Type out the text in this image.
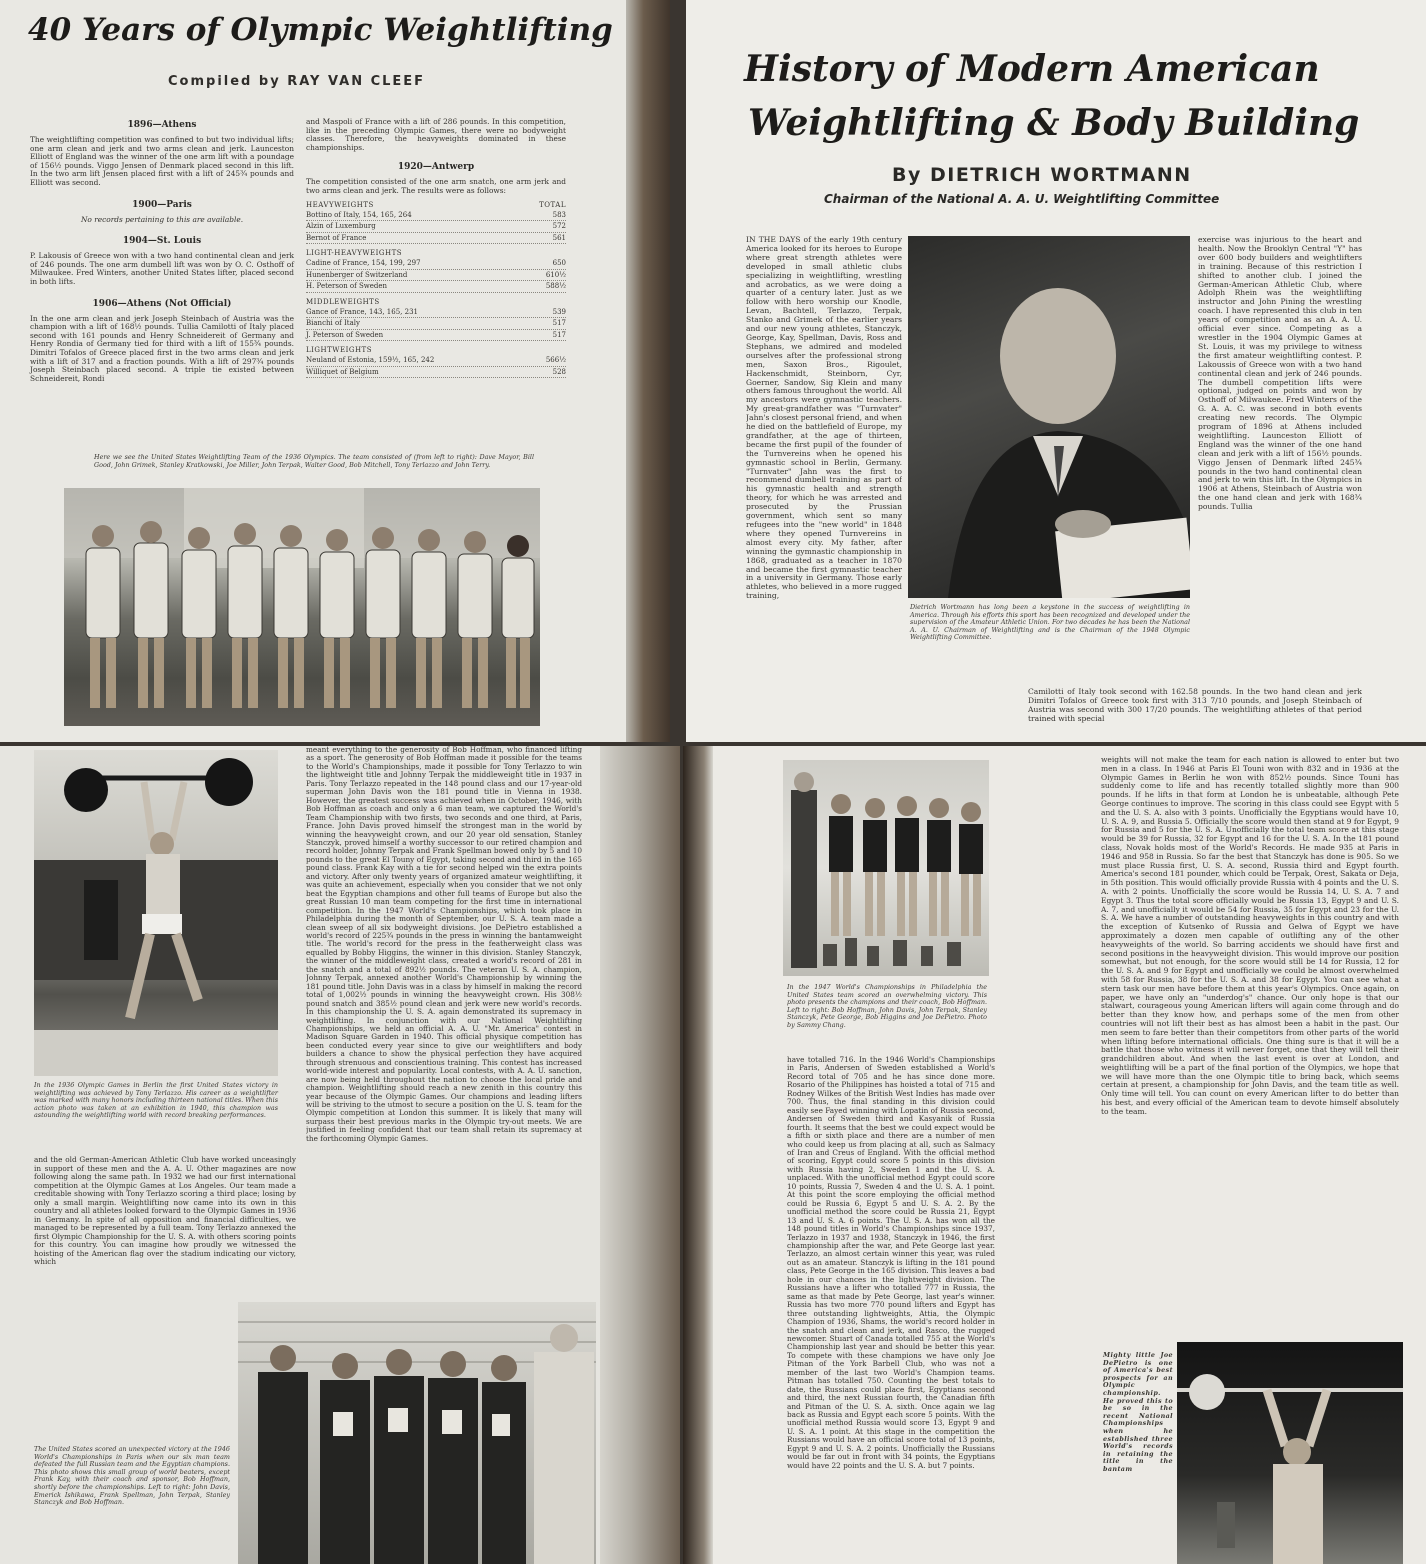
40 Years of Olympic Weightlifting
Compiled by RAY VAN CLEEF

1896—Athens

The weightlifting competition was confined to but two individual lifts; one arm clean and jerk and two arms clean and jerk. Launceston Elliott of England was the winner of the one arm lift with a poundage of 156½ pounds. Viggo Jensen of Denmark placed second in this lift. In the two arm lift Jensen placed first with a lift of 245¾ pounds and Elliott was second.

1900—Paris

No records pertaining to this are available.

1904—St. Louis

P. Lakousis of Greece won with a two hand continental clean and jerk of 246 pounds. The one arm dumbell lift was won by O. C. Osthoff of Milwaukee. Fred Winters, another United States lifter, placed second in both lifts.

1906—Athens (Not Official)

In the one arm clean and jerk Joseph Steinbach of Austria was the champion with a lift of 168½ pounds. Tullia Camilotti of Italy placed second with 161 pounds and Henry Schneidereit of Germany and Henry Rondia of Germany tied for third with a lift of 155¾ pounds. Dimitri Tofalos of Greece placed first in the two arms clean and jerk with a lift of 317 and a fraction pounds. With a lift of 297¾ pounds Joseph Steinbach placed second. A triple tie existed between Schneidereit, Rondi

and Maspoli of France with a lift of 286 pounds. In this competition, like in the preceding Olympic Games, there were no bodyweight classes. Therefore, the heavyweights dominated in these championships.

1920—Antwerp

The competition consisted of the one arm snatch, one arm jerk and two arms clean and jerk. The results were as follows:

HEAVYWEIGHTS	TOTAL
Bottino of Italy, 154, 165, 264	583
Alzin of Luxemburg	572
Bernot of France	561
LIGHT-HEAVYWEIGHTS
Cadine of France, 154, 199, 297	650
Hunenberger of Switzerland	610½
H. Peterson of Sweden	588½
MIDDLEWEIGHTS
Gance of France, 143, 165, 231	539
Bianchi of Italy	517
J. Peterson of Sweden	517
LIGHTWEIGHTS
Neuland of Estonia, 159½, 165, 242	566½
Williquet of Belgium	528

Here we see the United States Weightlifting Team of the 1936 Olympics. The team consisted of (from left to right): Dave Mayor, Bill Good, John Grimek, Stanley Kratkowski, Joe Miller, John Terpak, Walter Good, Bob Mitchell, Tony Terlazzo and John Terry.

History of Modern American
Weightlifting & Body Building
By DIETRICH WORTMANN
Chairman of the National A. A. U. Weightlifting Committee

IN THE DAYS of the early 19th century America looked for its heroes to Europe where great strength athletes were developed in small athletic clubs specializing in weightlifting, wrestling and acrobatics, as we were doing a quarter of a century later. Just as we follow with hero worship our Knodle, Levan, Bachtell, Terlazzo, Terpak, Stanko and Grimek of the earlier years and our new young athletes, Stanczyk, George, Kay, Spellman, Davis, Ross and Stephans, we admired and modeled ourselves after the professional strong men, Saxon Bros., Rigoulet, Hackenschmidt, Steinborn, Cyr, Goerner, Sandow, Sig Klein and many others famous throughout the world. All my ancestors were gymnastic teachers. My great-grandfather was "Turnvater" Jahn's closest personal friend, and when he died on the battlefield of Europe, my grandfather, at the age of thirteen, became the first pupil of the founder of the Turnvereins when he opened his gymnastic school in Berlin, Germany. "Turnvater" Jahn was the first to recommend dumbell training as part of his gymnastic health and strength theory, for which he was arrested and prosecuted by the Prussian government, which sent so many refugees into the "new world" in 1848 where they opened Turnvereins in almost every city. My father, after winning the gymnastic championship in 1868, graduated as a teacher in 1870 and became the first gymnastic teacher in a university in Germany. Those early athletes, who believed in a more rugged training,

Dietrich Wortmann has long been a keystone in the success of weightlifting in America. Through his efforts this sport has been recognized and developed under the supervision of the Amateur Athletic Union. For two decades he has been the National A. A. U. Chairman of Weightlifting and is the Chairman of the 1948 Olympic Weightlifting Committee.

exercise was injurious to the heart and health. Now the Brooklyn Central "Y" has over 600 body builders and weightlifters in training. Because of this restriction I shifted to another club. I joined the German-American Athletic Club, where Adolph Rhein was the weightlifting instructor and John Pining the wrestling coach. I have represented this club in ten years of competition and as an A. A. U. official ever since. Competing as a wrestler in the 1904 Olympic Games at St. Louis, it was my privilege to witness the first amateur weightlifting contest. P. Lakoussis of Greece won with a two hand continental clean and jerk of 246 pounds. The dumbell competition lifts were optional, judged on points and won by Osthoff of Milwaukee. Fred Winters of the G. A. A. C. was second in both events creating new records. The Olympic program of 1896 at Athens included weightlifting. Launceston Elliott of England was the winner of the one hand clean and jerk with a lift of 156½ pounds. Viggo Jensen of Denmark lifted 245¾ pounds in the two hand continental clean and jerk to win this lift. In the Olympics in 1906 at Athens, Steinbach of Austria won the one hand clean and jerk with 168¾ pounds. Tullia

Camilotti of Italy took second with 162.58 pounds. In the two hand clean and jerk Dimitri Tofalos of Greece took first with 313 7/10 pounds, and Joseph Steinbach of Austria was second with 300 17/20 pounds. The weightlifting athletes of that period trained with special

In the 1936 Olympic Games in Berlin the first United States victory in weightlifting was achieved by Tony Terlazzo. His career as a weightlifter was marked with many honors including thirteen national titles. When this action photo was taken at an exhibition in 1940, this champion was astounding the weightlifting world with record breaking performances.

meant everything to the generosity of Bob Hoffman, who financed lifting as a sport. The generosity of Bob Hoffman made it possible for the teams to the World's Championships, made it possible for Tony Terlazzo to win the lightweight title and Johnny Terpak the middleweight title in 1937 in Paris. Tony Terlazzo repeated in the 148 pound class and our 17-year-old superman John Davis won the 181 pound title in Vienna in 1938. However, the greatest success was achieved when in October, 1946, with Bob Hoffman as coach and only a 6 man team, we captured the World's Team Championship with two firsts, two seconds and one third, at Paris, France. John Davis proved himself the strongest man in the world by winning the heavyweight crown, and our 20 year old sensation, Stanley Stanczyk, proved himself a worthy successor to our retired champion and record holder, Johnny Terpak and Frank Spellman bowed only by 5 and 10 pounds to the great El Touny of Egypt, taking second and third in the 165 pound class. Frank Kay with a tie for second helped win the extra points and victory. After only twenty years of organized amateur weightlifting, it was quite an achievement, especially when you consider that we not only beat the Egyptian champions and other full teams of Europe but also the great Russian 10 man team competing for the first time in international competition. In the 1947 World's Championships, which took place in Philadelphia during the month of September, our U. S. A. team made a clean sweep of all six bodyweight divisions. Joe DePietro established a world's record of 225¾ pounds in the press in winning the bantamweight title. The world's record for the press in the featherweight class was equalled by Bobby Higgins, the winner in this division. Stanley Stanczyk, the winner of the middleweight class, created a world's record of 281 in the snatch and a total of 892½ pounds. The veteran U. S. A. champion, Johnny Terpak, annexed another World's Championship by winning the 181 pound title. John Davis was in a class by himself in making the record total of 1,002½ pounds in winning the heavyweight crown. His 308½ pound snatch and 385½ pound clean and jerk were new world's records. In this championship the U. S. A. again demonstrated its supremacy in weightlifting. In conjunction with our National Weightlifting Championships, we held an official A. A. U. "Mr. America" contest in Madison Square Garden in 1940. This official physique competition has been conducted every year since to give our weightlifters and body builders a chance to show the physical perfection they have acquired through strenuous and conscientious training. This contest has increased world-wide interest and popularity. Local contests, with A. A. U. sanction, are now being held throughout the nation to choose the local pride and champion. Weightlifting should reach a new zenith in this country this year because of the Olympic Games. Our champions and leading lifters will be striving to the utmost to secure a position on the U. S. team for the Olympic competition at London this summer. It is likely that many will surpass their best previous marks in the Olympic try-out meets. We are justified in feeling confident that our team shall retain its supremacy at the forthcoming Olympic Games.

and the old German-American Athletic Club have worked unceasingly in support of these men and the A. A. U. Other magazines are now following along the same path. In 1932 we had our first international competition at the Olympic Games at Los Angeles. Our team made a creditable showing with Tony Terlazzo scoring a third place; losing by only a small margin. Weightlifting now came into its own in this country and all athletes looked forward to the Olympic Games in 1936 in Germany. In spite of all opposition and financial difficulties, we managed to be represented by a full team. Tony Terlazzo annexed the first Olympic Championship for the U. S. A. with others scoring points for this country. You can imagine how proudly we witnessed the hoisting of the American flag over the stadium indicating our victory, which

The United States scored an unexpected victory at the 1946 World's Championships in Paris when our six man team defeated the full Russian team and the Egyptian champions. This photo shows this small group of world beaters, except Frank Kay, with their coach and sponsor, Bob Hoffman, shortly before the championships. Left to right: John Davis, Emerick Ishikawa, Frank Spellman, John Terpak, Stanley Stanczyk and Bob Hoffman.

In the 1947 World's Championships in Philadelphia the United States team scored an overwhelming victory. This photo presents the champions and their coach, Bob Hoffman. Left to right: Bob Hoffman, John Davis, John Terpak, Stanley Stanczyk, Pete George, Bob Higgins and Joe DePietro. Photo by Sammy Chang.

have totalled 716. In the 1946 World's Championships in Paris, Andersen of Sweden established a World's Record total of 705 and he has since done more. Rosario of the Philippines has hoisted a total of 715 and Rodney Wilkes of the British West Indies has made over 700. Thus, the final standing in this division could easily see Fayed winning with Lopatin of Russia second, Andersen of Sweden third and Kasyanik of Russia fourth. It seems that the best we could expect would be a fifth or sixth place and there are a number of men who could keep us from placing at all, such as Salmacy of Iran and Creus of England. With the official method of scoring, Egypt could score 5 points in this division with Russia having 2, Sweden 1 and the U. S. A. unplaced. With the unofficial method Egypt could score 10 points, Russia 7, Sweden 4 and the U. S. A. 1 point. At this point the score employing the official method could be Russia 6, Egypt 5 and U. S. A. 2. By the unofficial method the score could be Russia 21, Egypt 13 and U. S. A. 6 points. The U. S. A. has won all the 148 pound titles in World's Championships since 1937, Terlazzo in 1937 and 1938, Stanczyk in 1946, the first championship after the war, and Pete George last year. Terlazzo, an almost certain winner this year, was ruled out as an amateur. Stanczyk is lifting in the 181 pound class, Pete George in the 165 division. This leaves a bad hole in our chances in the lightweight division. The Russians have a lifter who totalled 777 in Russia, the same as that made by Pete George, last year's winner. Russia has two more 770 pound lifters and Egypt has three outstanding lightweights, Attia, the Olympic Champion of 1936, Shams, the world's record holder in the snatch and clean and jerk, and Rasco, the rugged newcomer. Stuart of Canada totalled 755 at the World's Championship last year and should be better this year. To compete with these champions we have only Joe Pitman of the York Barbell Club, who was not a member of the last two World's Champion teams. Pitman has totalled 750. Counting the best totals to date, the Russians could place first, Egyptians second and third, the next Russian fourth, the Canadian fifth and Pitman of the U. S. A. sixth. Once again we lag back as Russia and Egypt each score 5 points. With the unofficial method Russia would score 13, Egypt 9 and U. S. A. 1 point. At this stage in the competition the Russians would have an official score total of 13 points, Egypt 9 and U. S. A. 2 points. Unofficially the Russians would be far out in front with 34 points, the Egyptians would have 22 points and the U. S. A. but 7 points.

weights will not make the team for each nation is allowed to enter but two men in a class. In 1946 at Paris El Touni won with 832 and in 1936 at the Olympic Games in Berlin he won with 852½ pounds. Since Touni has suddenly come to life and has recently totalled slightly more than 900 pounds. If he lifts in that form at London he is unbeatable, although Pete George continues to improve. The scoring in this class could see Egypt with 5 and the U. S. A. also with 3 points. Unofficially the Egyptians would have 10, U. S. A. 9, and Russia 5. Officially the score would then stand at 9 for Egypt, 9 for Russia and 5 for the U. S. A. Unofficially the total team score at this stage would be 39 for Russia, 32 for Egypt and 16 for the U. S. A. In the 181 pound class, Novak holds most of the World's Records. He made 935 at Paris in 1946 and 958 in Russia. So far the best that Stanczyk has done is 905. So we must place Russia first, U. S. A. second, Russia third and Egypt fourth. America's second 181 pounder, which could be Terpak, Orest, Sakata or Deja, in 5th position. This would officially provide Russia with 4 points and the U. S. A. with 2 points. Unofficially the score would be Russia 14, U. S. A. 7 and Egypt 3. Thus the total score officially would be Russia 13, Egypt 9 and U. S. A. 7, and unofficially it would be 54 for Russia, 35 for Egypt and 23 for the U. S. A. We have a number of outstanding heavyweights in this country and with the exception of Kutsenko of Russia and Gelwa of Egypt we have approximately a dozen men capable of outlifting any of the other heavyweights of the world. So barring accidents we should have first and second positions in the heavyweight division. This would improve our position somewhat, but not enough, for the score would still be 14 for Russia, 12 for the U. S. A. and 9 for Egypt and unofficially we could be almost overwhelmed with 58 for Russia, 38 for the U. S. A. and 38 for Egypt. You can see what a stern task our men have before them at this year's Olympics. Once again, on paper, we have only an "underdog's" chance. Our only hope is that our stalwart, courageous young American lifters will again come through and do better than they know how, and perhaps some of the men from other countries will not lift their best as has almost been a habit in the past. Our men seem to fare better than their competitors from other parts of the world when lifting before international officials. One thing sure is that it will be a battle that those who witness it will never forget, one that they will tell their grandchildren about. And when the last event is over at London, and weightlifting will be a part of the final portion of the Olympics, we hope that we will have more than the one Olympic title to bring back, which seems certain at present, a championship for John Davis, and the team title as well. Only time will tell. You can count on every American lifter to do better than his best, and every official of the American team to devote himself absolutely to the team.

Mighty little Joe DePietro is one of America's best prospects for an Olympic championship. He proved this to be so in the recent National Championships when he established three World's records in retaining the title in the bantam
